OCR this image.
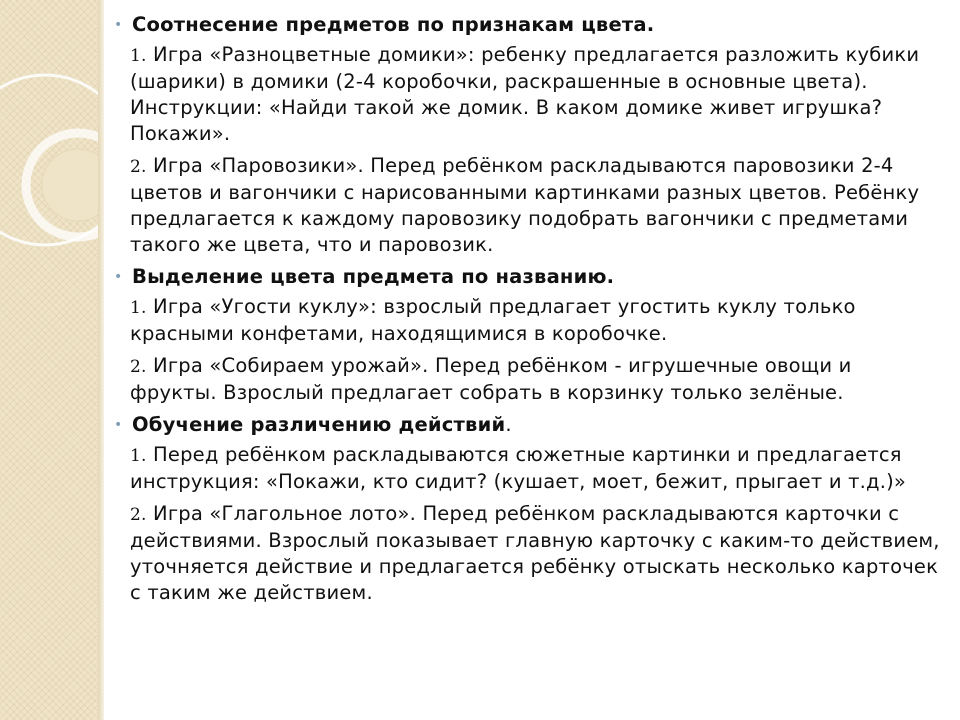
• Соотнесение предметов по признакам цвета.
1. Игра «Разноцветные домики»: ребенку предлагается разложить кубики (шарики) в домики (2-4 коробочки, раскрашенные в основные цвета). Инструкции: «Найди такой же домик. В каком домике живет игрушка? Покажи».
2. Игра «Паровозики». Перед ребёнком раскладываются паровозики 2-4 цветов и вагончики с нарисованными картинками разных цветов. Ребёнку предлагается к каждому паровозику подобрать вагончики с предметами такого же цвета, что и паровозик.
• Выделение цвета предмета по названию.
1. Игра «Угости куклу»: взрослый предлагает угостить куклу только красными конфетами, находящимися в коробочке.
2. Игра «Собираем урожай». Перед ребёнком - игрушечные овощи и фрукты. Взрослый предлагает собрать в корзинку только зелёные.
• Обучение различению действий.
1. Перед ребёнком раскладываются сюжетные картинки и предлагается инструкция: «Покажи, кто сидит? (кушает, моет, бежит, прыгает и т.д.)»
2. Игра «Глагольное лото». Перед ребёнком раскладываются карточки с действиями. Взрослый показывает главную карточку с каким-то действием, уточняется действие и предлагается ребёнку отыскать несколько карточек с таким же действием.
